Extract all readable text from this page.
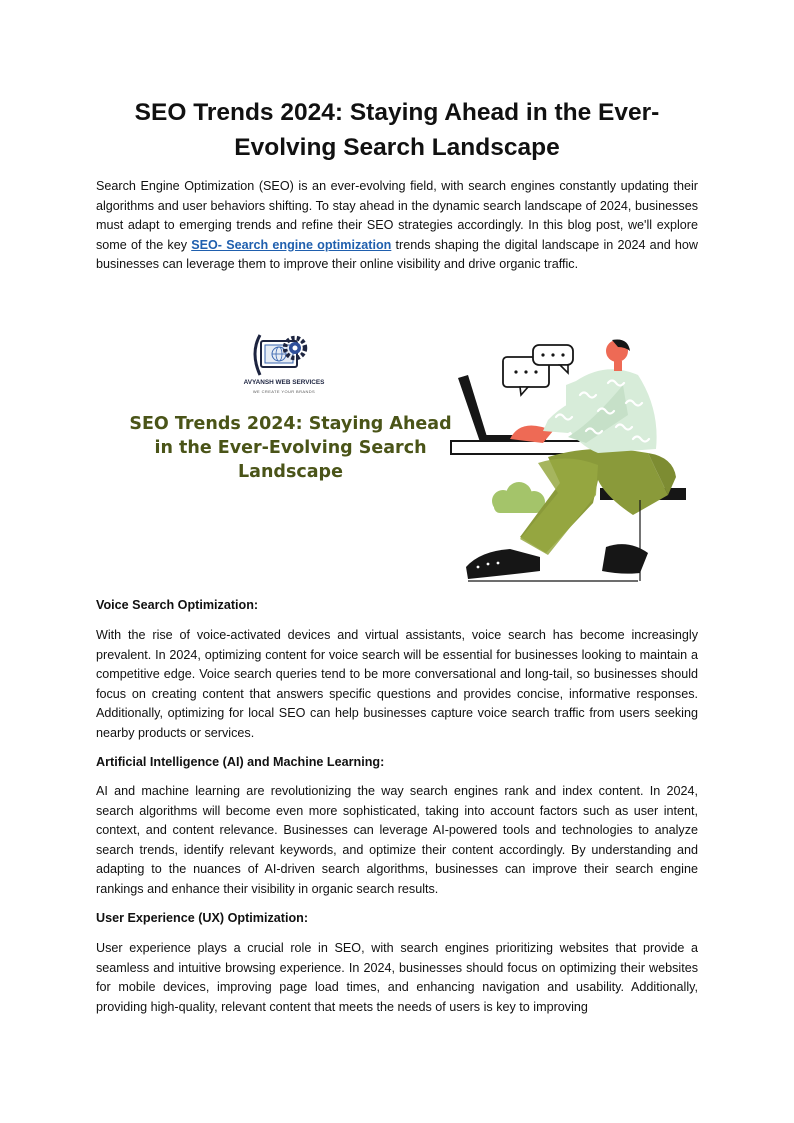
SEO Trends 2024: Staying Ahead in the Ever-Evolving Search Landscape

Search Engine Optimization (SEO) is an ever-evolving field, with search engines constantly updating their algorithms and user behaviors shifting. To stay ahead in the dynamic search landscape of 2024, businesses must adapt to emerging trends and refine their SEO strategies accordingly. In this blog post, we'll explore some of the key SEO- Search engine optimization trends shaping the digital landscape in 2024 and how businesses can leverage them to improve their online visibility and drive organic traffic.

AVYANSH WEB SERVICES
WE CREATE YOUR BRANDS
SEO Trends 2024: Staying Ahead in the Ever-Evolving Search Landscape
Voice Search Optimization:

With the rise of voice-activated devices and virtual assistants, voice search has become increasingly prevalent. In 2024, optimizing content for voice search will be essential for businesses looking to maintain a competitive edge. Voice search queries tend to be more conversational and long-tail, so businesses should focus on creating content that answers specific questions and provides concise, informative responses. Additionally, optimizing for local SEO can help businesses capture voice search traffic from users seeking nearby products or services.

Artificial Intelligence (AI) and Machine Learning:

AI and machine learning are revolutionizing the way search engines rank and index content. In 2024, search algorithms will become even more sophisticated, taking into account factors such as user intent, context, and content relevance. Businesses can leverage AI-powered tools and technologies to analyze search trends, identify relevant keywords, and optimize their content accordingly. By understanding and adapting to the nuances of AI-driven search algorithms, businesses can improve their search engine rankings and enhance their visibility in organic search results.

User Experience (UX) Optimization:

User experience plays a crucial role in SEO, with search engines prioritizing websites that provide a seamless and intuitive browsing experience. In 2024, businesses should focus on optimizing their websites for mobile devices, improving page load times, and enhancing navigation and usability. Additionally, providing high-quality, relevant content that meets the needs of users is key to improving
